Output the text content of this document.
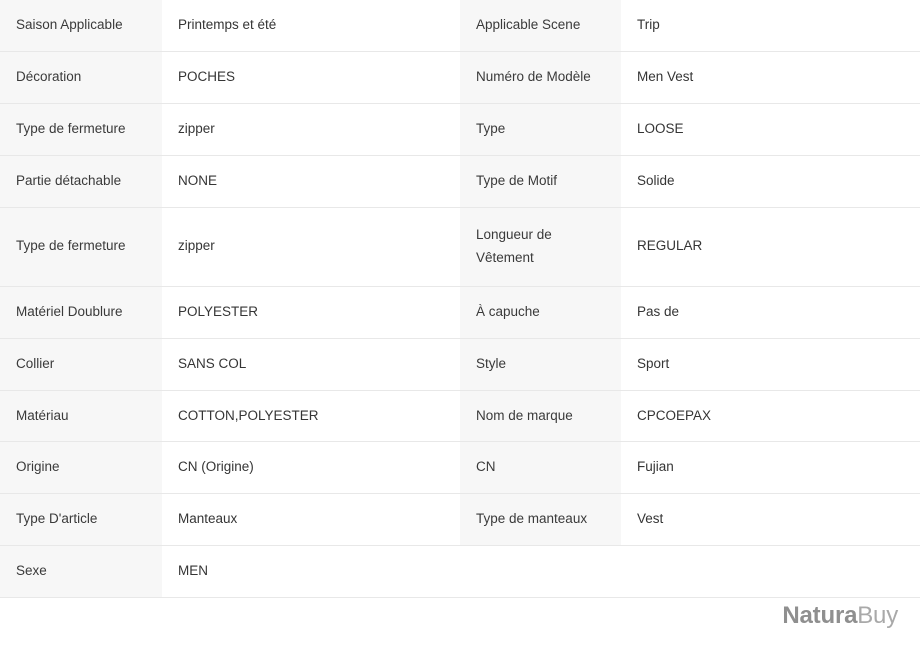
Saison Applicable	Printemps et été	Applicable Scene	Trip

Décoration	POCHES	Numéro de Modèle	Men Vest

Type de fermeture	zipper	Type	LOOSE

Partie détachable	NONE	Type de Motif	Solide

Type de fermeture	zipper	Longueur de Vêtement	REGULAR

Matériel Doublure	POLYESTER	À capuche	Pas de

Collier	SANS COL	Style	Sport

Matériau	COTTON,POLYESTER	Nom de marque	CPCOEPAX

Origine	CN (Origine)	CN	Fujian

Type D'article	Manteaux	Type de manteaux	Vest

Sexe	MEN		

NaturaBuy
